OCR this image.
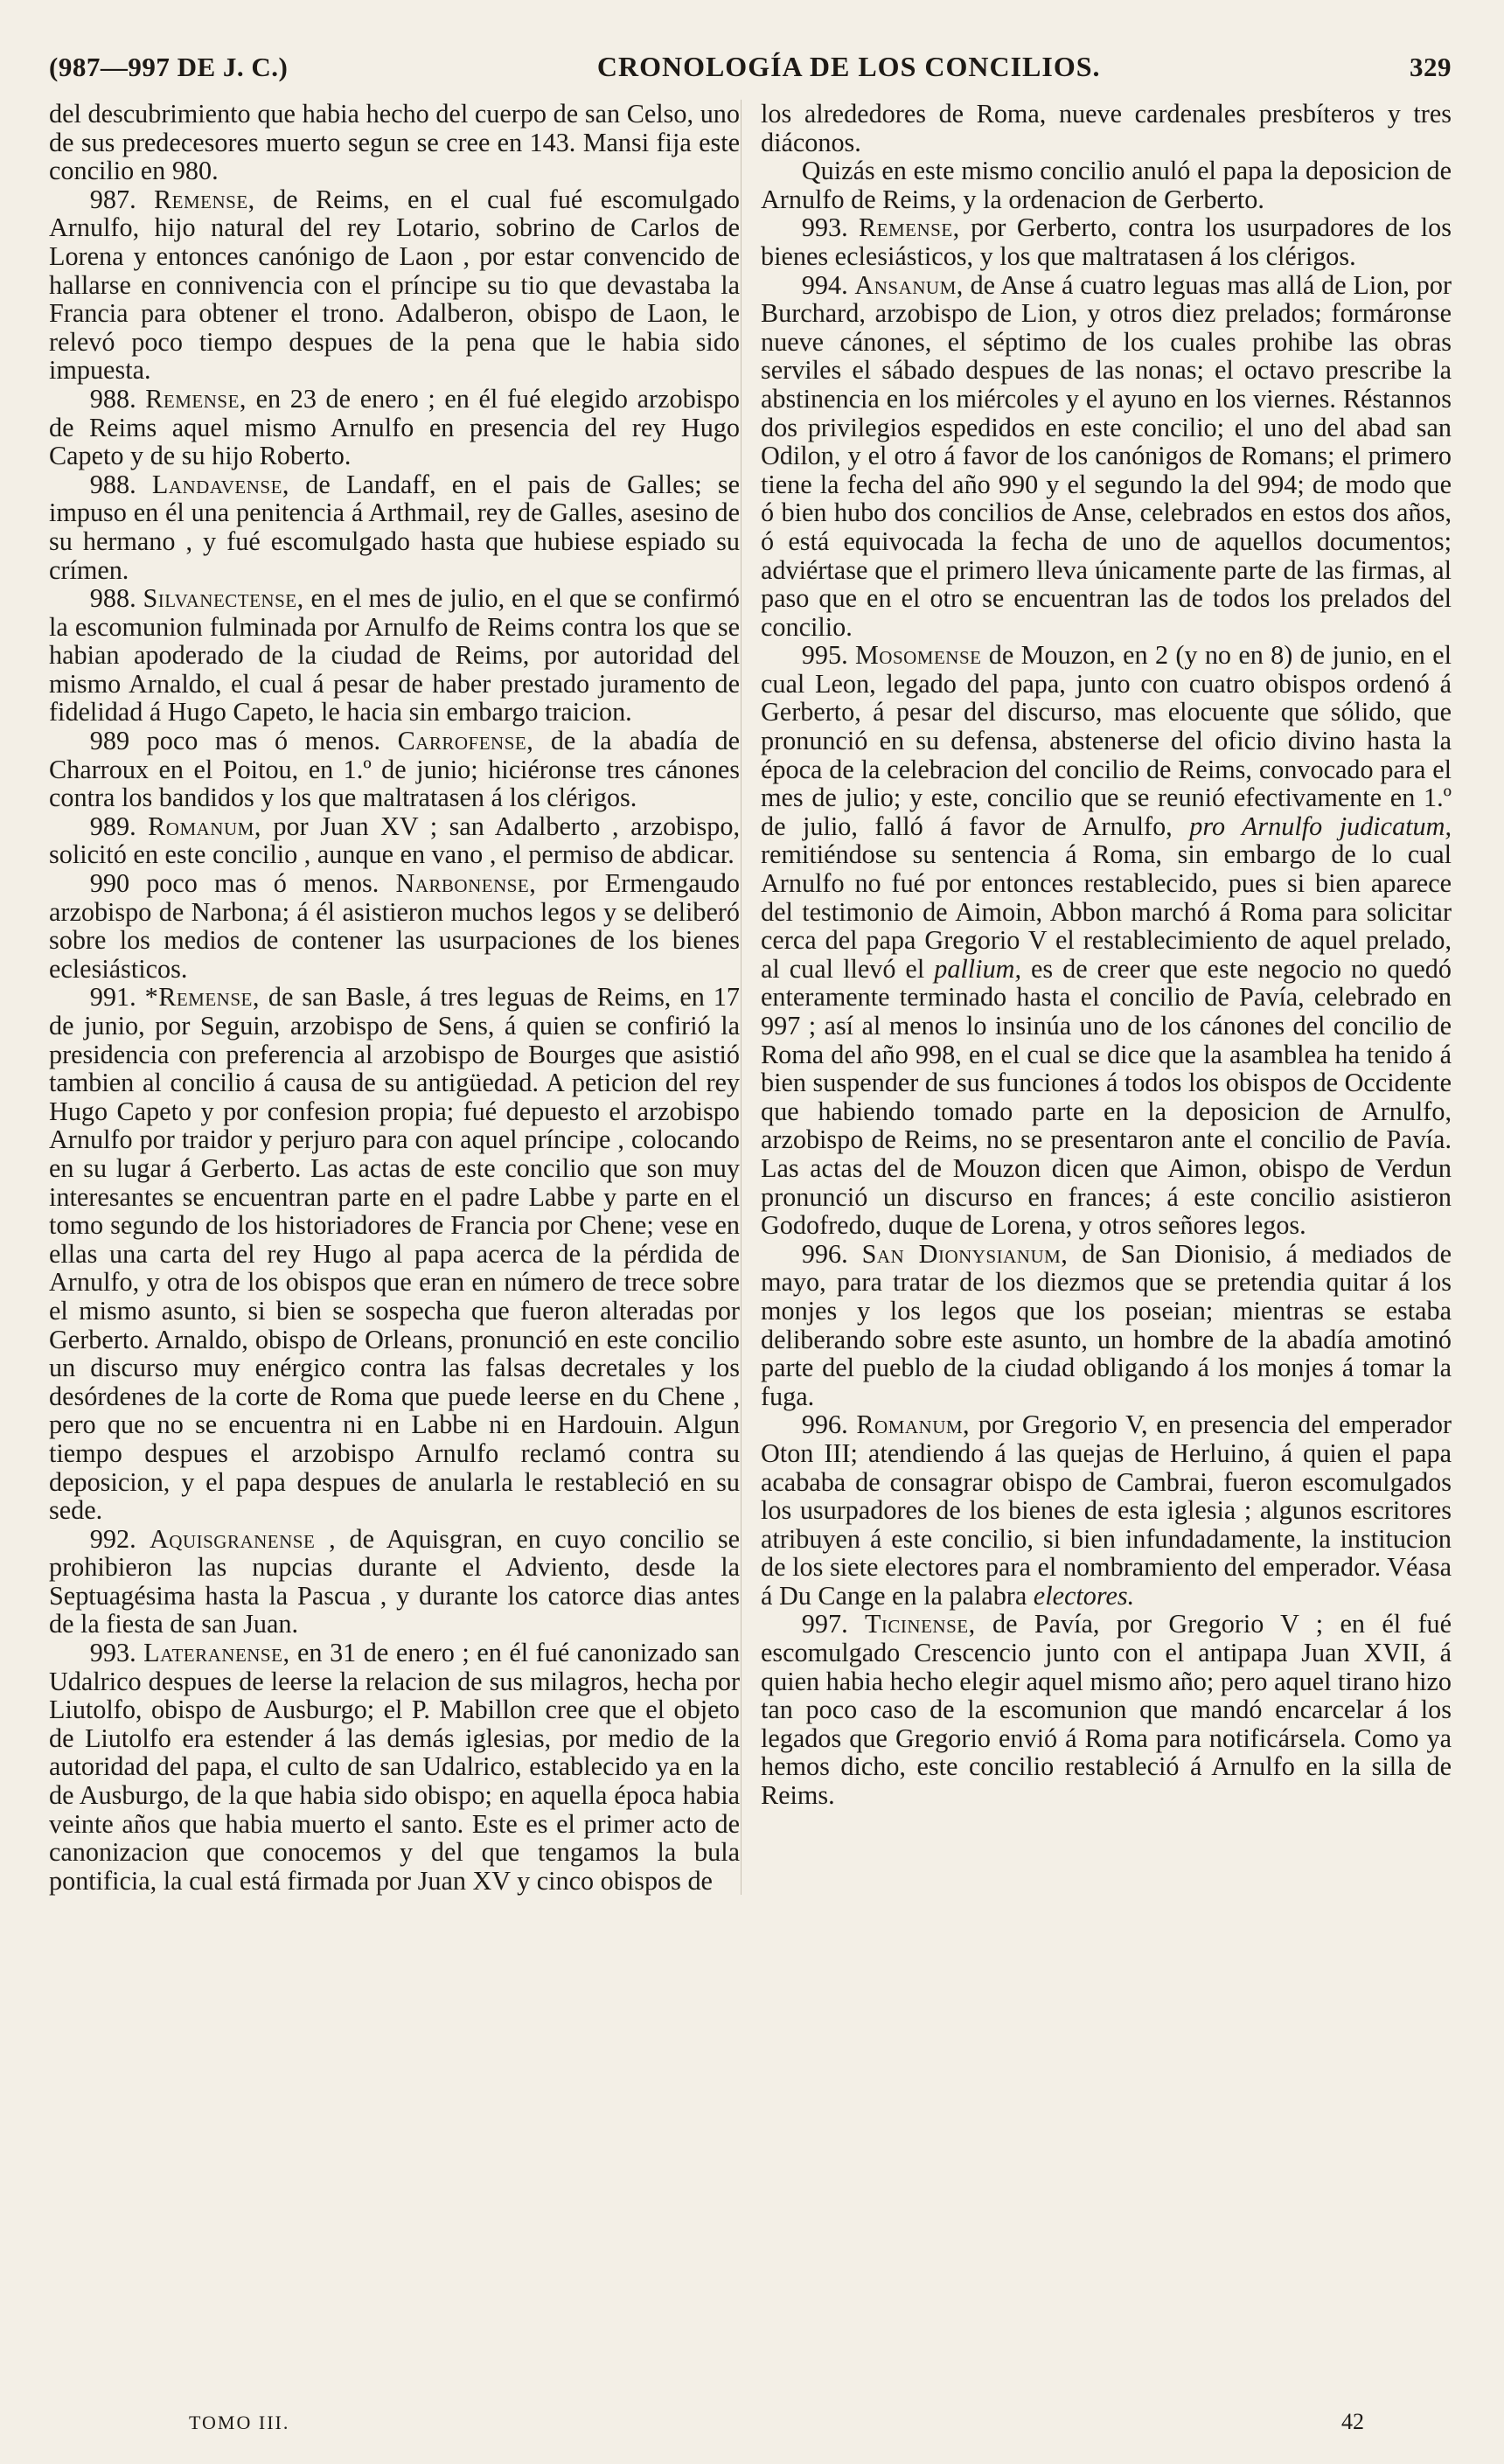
(987—997 DE J. C.)	CRONOLOGÍA DE LOS CONCILIOS.	329

del descubrimiento que habia hecho del cuerpo de san Celso, uno de sus predecesores muerto segun se cree en 143. Mansi fija este concilio en 980.

987. Remense, de Reims, en el cual fué escomulgado Arnulfo, hijo natural del rey Lotario, sobrino de Carlos de Lorena y entonces canónigo de Laon , por estar convencido de hallarse en connivencia con el príncipe su tio que devastaba la Francia para obtener el trono. Adalberon, obispo de Laon, le relevó poco tiempo despues de la pena que le habia sido impuesta.

988. Remense, en 23 de enero ; en él fué elegido arzobispo de Reims aquel mismo Arnulfo en presencia del rey Hugo Capeto y de su hijo Roberto.

988. Landavense, de Landaff, en el pais de Galles; se impuso en él una penitencia á Arthmail, rey de Galles, asesino de su hermano , y fué escomulgado hasta que hubiese espiado su crímen.

988. Silvanectense, en el mes de julio, en el que se confirmó la escomunion fulminada por Arnulfo de Reims contra los que se habian apoderado de la ciudad de Reims, por autoridad del mismo Arnaldo, el cual á pesar de haber prestado juramento de fidelidad á Hugo Capeto, le hacia sin embargo traicion.

989 poco mas ó menos. Carrofense, de la abadía de Charroux en el Poitou, en 1.º de junio; hiciéronse tres cánones contra los bandidos y los que maltratasen á los clérigos.

989. Romanum, por Juan XV ; san Adalberto , arzobispo, solicitó en este concilio , aunque en vano , el permiso de abdicar.

990 poco mas ó menos. Narbonense, por Ermengaudo arzobispo de Narbona; á él asistieron muchos legos y se deliberó sobre los medios de contener las usurpaciones de los bienes eclesiásticos.

991. *Remense, de san Basle, á tres leguas de Reims, en 17 de junio, por Seguin, arzobispo de Sens, á quien se confirió la presidencia con preferencia al arzobispo de Bourges que asistió tambien al concilio á causa de su antigüedad. A peticion del rey Hugo Capeto y por confesion propia; fué depuesto el arzobispo Arnulfo por traidor y perjuro para con aquel príncipe , colocando en su lugar á Gerberto. Las actas de este concilio que son muy interesantes se encuentran parte en el padre Labbe y parte en el tomo segundo de los historiadores de Francia por Chene; vese en ellas una carta del rey Hugo al papa acerca de la pérdida de Arnulfo, y otra de los obispos que eran en número de trece sobre el mismo asunto, si bien se sospecha que fueron alteradas por Gerberto. Arnaldo, obispo de Orleans, pronunció en este concilio un discurso muy enérgico contra las falsas decretales y los desórdenes de la corte de Roma que puede leerse en du Chene , pero que no se encuentra ni en Labbe ni en Hardouin. Algun tiempo despues el arzobispo Arnulfo reclamó contra su deposicion, y el papa despues de anularla le restableció en su sede.

992. Aquisgranense , de Aquisgran, en cuyo concilio se prohibieron las nupcias durante el Adviento, desde la Septuagésima hasta la Pascua , y durante los catorce dias antes de la fiesta de san Juan.

993. Lateranense, en 31 de enero ; en él fué canonizado san Udalrico despues de leerse la relacion de sus milagros, hecha por Liutolfo, obispo de Ausburgo; el P. Mabillon cree que el objeto de Liutolfo era estender á las demás iglesias, por medio de la autoridad del papa, el culto de san Udalrico, establecido ya en la de Ausburgo, de la que habia sido obispo; en aquella época habia veinte años que habia muerto el santo. Este es el primer acto de canonizacion que conocemos y del que tengamos la bula pontificia, la cual está firmada por Juan XV y cinco obispos de

los alrededores de Roma, nueve cardenales presbíteros y tres diáconos.

Quizás en este mismo concilio anuló el papa la deposicion de Arnulfo de Reims, y la ordenacion de Gerberto.

993. Remense, por Gerberto, contra los usurpadores de los bienes eclesiásticos, y los que maltratasen á los clérigos.

994. Ansanum, de Anse á cuatro leguas mas allá de Lion, por Burchard, arzobispo de Lion, y otros diez prelados; formáronse nueve cánones, el séptimo de los cuales prohibe las obras serviles el sábado despues de las nonas; el octavo prescribe la abstinencia en los miércoles y el ayuno en los viernes. Réstannos dos privilegios espedidos en este concilio; el uno del abad san Odilon, y el otro á favor de los canónigos de Romans; el primero tiene la fecha del año 990 y el segundo la del 994; de modo que ó bien hubo dos concilios de Anse, celebrados en estos dos años, ó está equivocada la fecha de uno de aquellos documentos; adviértase que el primero lleva únicamente parte de las firmas, al paso que en el otro se encuentran las de todos los prelados del concilio.

995. Mosomense de Mouzon, en 2 (y no en 8) de junio, en el cual Leon, legado del papa, junto con cuatro obispos ordenó á Gerberto, á pesar del discurso, mas elocuente que sólido, que pronunció en su defensa, abstenerse del oficio divino hasta la época de la celebracion del concilio de Reims, convocado para el mes de julio; y este, concilio que se reunió efectivamente en 1.º de julio, falló á favor de Arnulfo, pro Arnulfo judicatum, remitiéndose su sentencia á Roma, sin embargo de lo cual Arnulfo no fué por entonces restablecido, pues si bien aparece del testimonio de Aimoin, Abbon marchó á Roma para solicitar cerca del papa Gregorio V el restablecimiento de aquel prelado, al cual llevó el pallium, es de creer que este negocio no quedó enteramente terminado hasta el concilio de Pavía, celebrado en 997 ; así al menos lo insinúa uno de los cánones del concilio de Roma del año 998, en el cual se dice que la asamblea ha tenido á bien suspender de sus funciones á todos los obispos de Occidente que habiendo tomado parte en la deposicion de Arnulfo, arzobispo de Reims, no se presentaron ante el concilio de Pavía. Las actas del de Mouzon dicen que Aimon, obispo de Verdun pronunció un discurso en frances; á este concilio asistieron Godofredo, duque de Lorena, y otros señores legos.

996. San Dionysianum, de San Dionisio, á mediados de mayo, para tratar de los diezmos que se pretendia quitar á los monjes y los legos que los poseian; mientras se estaba deliberando sobre este asunto, un hombre de la abadía amotinó parte del pueblo de la ciudad obligando á los monjes á tomar la fuga.

996. Romanum, por Gregorio V, en presencia del emperador Oton III; atendiendo á las quejas de Herluino, á quien el papa acababa de consagrar obispo de Cambrai, fueron escomulgados los usurpadores de los bienes de esta iglesia ; algunos escritores atribuyen á este concilio, si bien infundadamente, la institucion de los siete electores para el nombramiento del emperador. Véasa á Du Cange en la palabra electores.

997. Ticinense, de Pavía, por Gregorio V ; en él fué escomulgado Crescencio junto con el antipapa Juan XVII, á quien habia hecho elegir aquel mismo año; pero aquel tirano hizo tan poco caso de la escomunion que mandó encarcelar á los legados que Gregorio envió á Roma para notificársela. Como ya hemos dicho, este concilio restableció á Arnulfo en la silla de Reims.

TOMO III.	42
